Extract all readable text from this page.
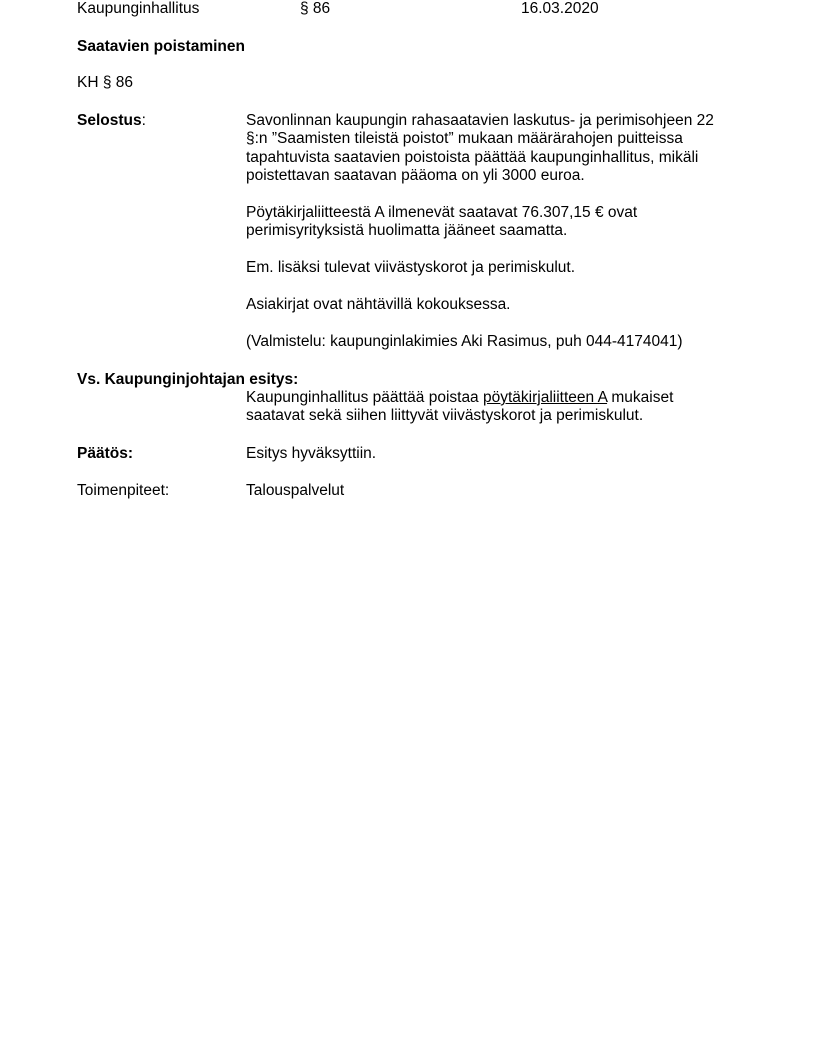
Kaupunginhallitus	§ 86	16.03.2020
Saatavien poistaminen
KH § 86
Selostus:	Savonlinnan kaupungin rahasaatavien laskutus- ja perimisohjeen 22
§:n ”Saamisten tileistä poistot” mukaan määrärahojen puitteissa
tapahtuvista saatavien poistoista päättää kaupunginhallitus, mikäli
poistettavan saatavan pääoma on yli 3000 euroa.
Pöytäkirjaliitteestä A ilmenevät saatavat 76.307,15 € ovat
perimisyrityksistä huolimatta jääneet saamatta.
Em. lisäksi tulevat viivästyskorot ja perimiskulut.
Asiakirjat ovat nähtävillä kokouksessa.
(Valmistelu: kaupunginlakimies Aki Rasimus, puh 044-4174041)
Vs. Kaupunginjohtajan esitys:
Kaupunginhallitus päättää poistaa pöytäkirjaliitteen A mukaiset
saatavat sekä siihen liittyvät viivästyskorot ja perimiskulut.
Päätös:	Esitys hyväksyttiin.
Toimenpiteet:	Talouspalvelut
